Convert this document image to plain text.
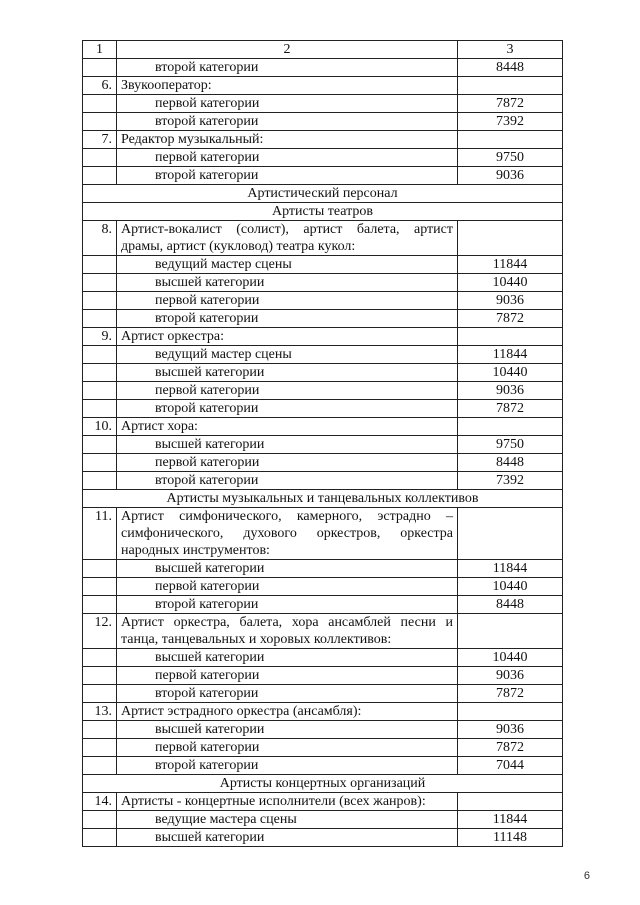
1	2	3
	второй категории	8448
6.	Звукооператор:	
	первой категории	7872
	второй категории	7392
7.	Редактор музыкальный:	
	первой категории	9750
	второй категории	9036
Артистический персонал		
Артисты театров		
8.	Артист-вокалист (солист), артист балета, артист драмы, артист (кукловод) театра кукол:	
	ведущий мастер сцены	11844
	высшей категории	10440
	первой категории	9036
	второй категории	7872
9.	Артист оркестра:	
	ведущий мастер сцены	11844
	высшей категории	10440
	первой категории	9036
	второй категории	7872
10.	Артист хора:	
	высшей категории	9750
	первой категории	8448
	второй категории	7392
Артисты музыкальных и танцевальных коллективов		
11.	Артист симфонического, камерного, эстрадно – симфонического, духового оркестров, оркестра народных инструментов:	
	высшей категории	11844
	первой категории	10440
	второй категории	8448
12.	Артист оркестра, балета, хора ансамблей песни и танца, танцевальных и хоровых коллективов:	
	высшей категории	10440
	первой категории	9036
	второй категории	7872
13.	Артист эстрадного оркестра (ансамбля):	
	высшей категории	9036
	первой категории	7872
	второй категории	7044
Артисты концертных организаций		
14.	Артисты - концертные исполнители (всех жанров):	
	ведущие мастера сцены	11844
	высшей категории	11148
6
